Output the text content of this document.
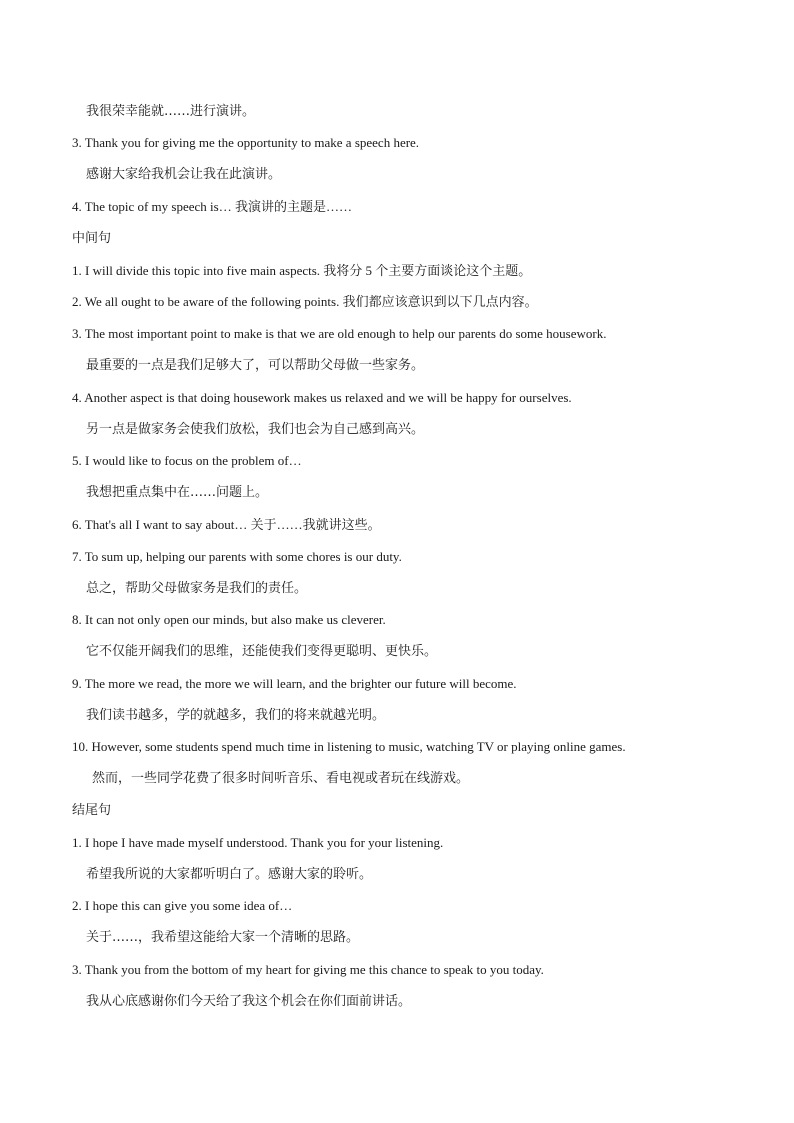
我很荣幸能就……进行演讲。
3. Thank you for giving me the opportunity to make a speech here.
感谢大家给我机会让我在此演讲。
4. The topic of my speech is… 我演讲的主题是……
中间句
1. I will divide this topic into five main aspects. 我将分 5 个主要方面谈论这个主题。
2. We all ought to be aware of the following points. 我们都应该意识到以下几点内容。
3. The most important point to make is that we are old enough to help our parents do some housework.
最重要的一点是我们足够大了，可以帮助父母做一些家务。
4. Another aspect is that doing housework makes us relaxed and we will be happy for ourselves.
另一点是做家务会使我们放松，我们也会为自己感到高兴。
5. I would like to focus on the problem of…
我想把重点集中在……问题上。
6. That's all I want to say about… 关于……我就讲这些。
7. To sum up, helping our parents with some chores is our duty.
总之，帮助父母做家务是我们的责任。
8. It can not only open our minds, but also make us cleverer.
它不仅能开阔我们的思维，还能使我们变得更聪明、更快乐。
9. The more we read, the more we will learn, and the brighter our future will become.
我们读书越多，学的就越多，我们的将来就越光明。
10. However, some students spend much time in listening to music, watching TV or playing online games.
然而，一些同学花费了很多时间听音乐、看电视或者玩在线游戏。
结尾句
1. I hope I have made myself understood. Thank you for your listening.
希望我所说的大家都听明白了。感谢大家的聆听。
2. I hope this can give you some idea of…
关于……，我希望这能给大家一个清晰的思路。
3. Thank you from the bottom of my heart for giving me this chance to speak to you today.
我从心底感谢你们今天给了我这个机会在你们面前讲话。
